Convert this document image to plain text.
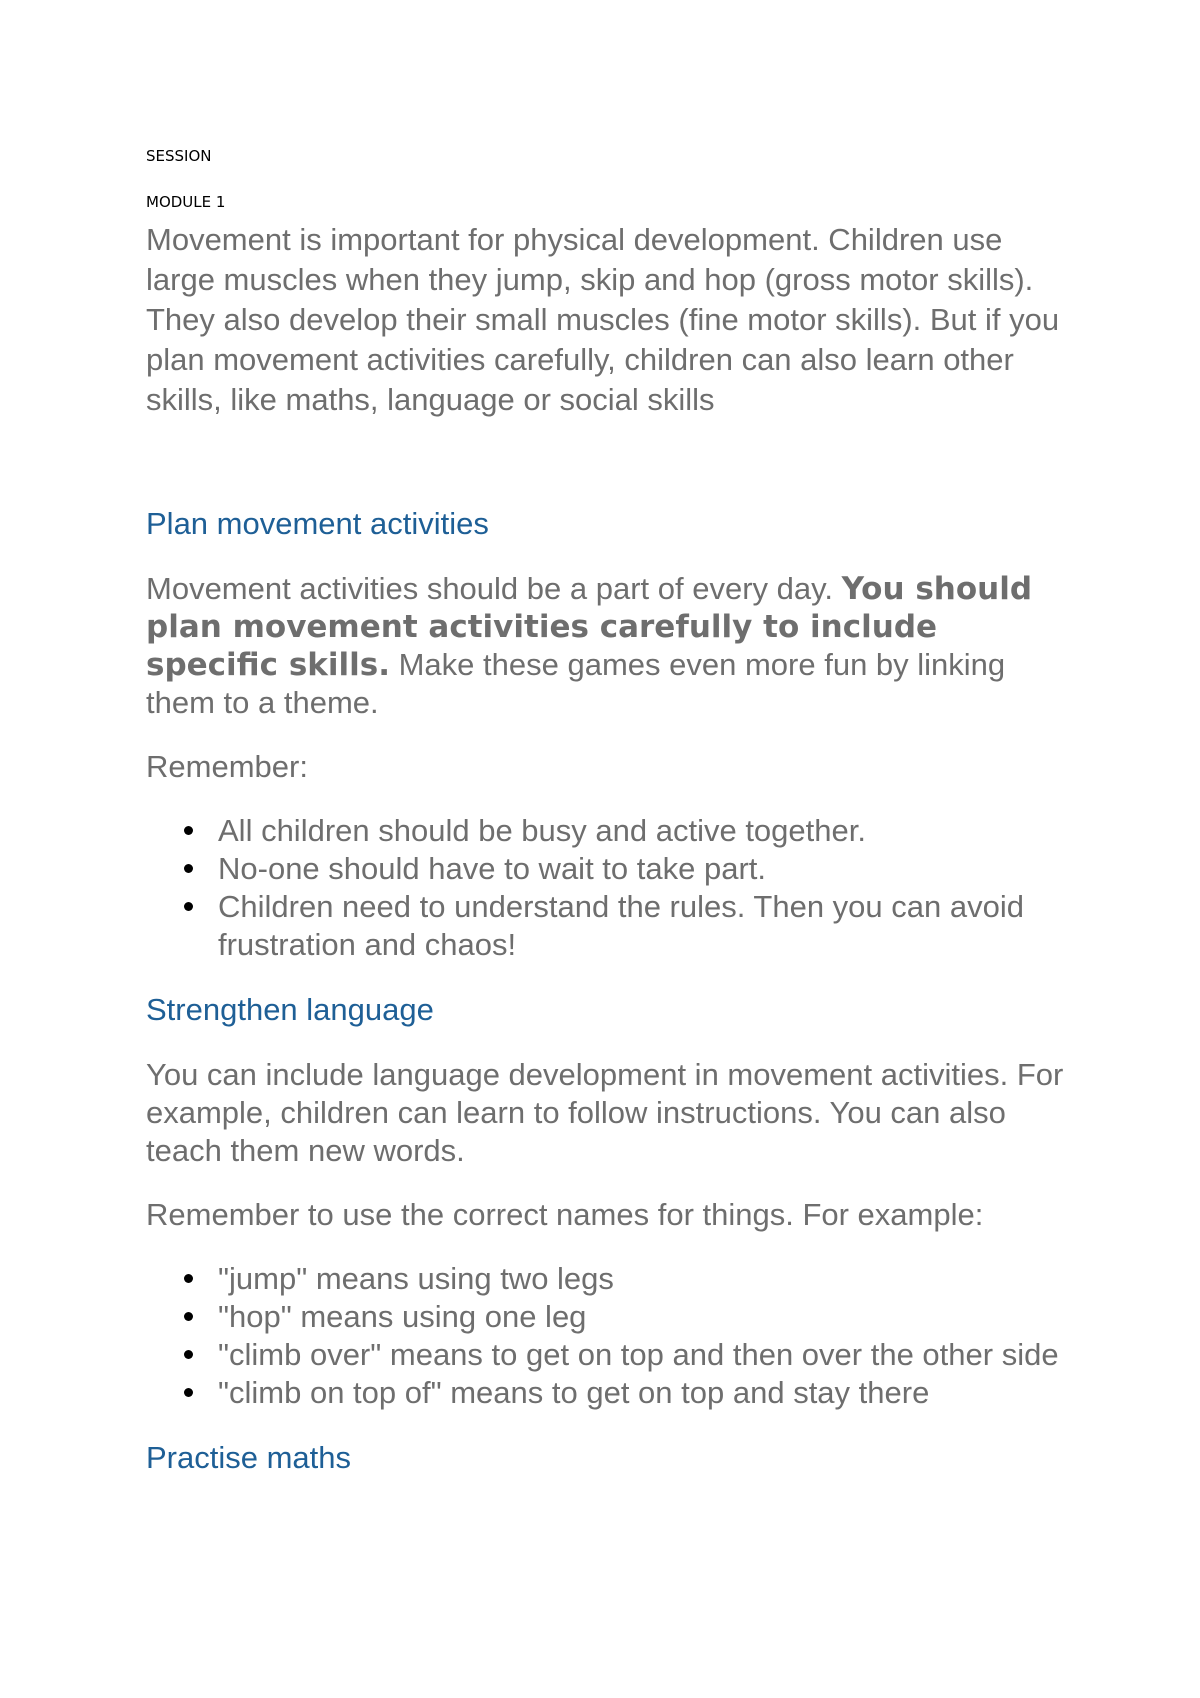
SESSION

MODULE 1

Movement is important for physical development. Children use large muscles when they jump, skip and hop (gross motor skills). They also develop their small muscles (fine motor skills). But if you plan movement activities carefully, children can also learn other skills, like maths, language or social skills

Plan movement activities

Movement activities should be a part of every day. You should plan movement activities carefully to include specific skills. Make these games even more fun by linking them to a theme.

Remember:

All children should be busy and active together.
No-one should have to wait to take part.
Children need to understand the rules. Then you can avoid frustration and chaos!
Strengthen language

You can include language development in movement activities. For example, children can learn to follow instructions. You can also teach them new words.

Remember to use the correct names for things. For example:

"jump" means using two legs
"hop" means using one leg
"climb over" means to get on top and then over the other side
"climb on top of" means to get on top and stay there
Practise maths
